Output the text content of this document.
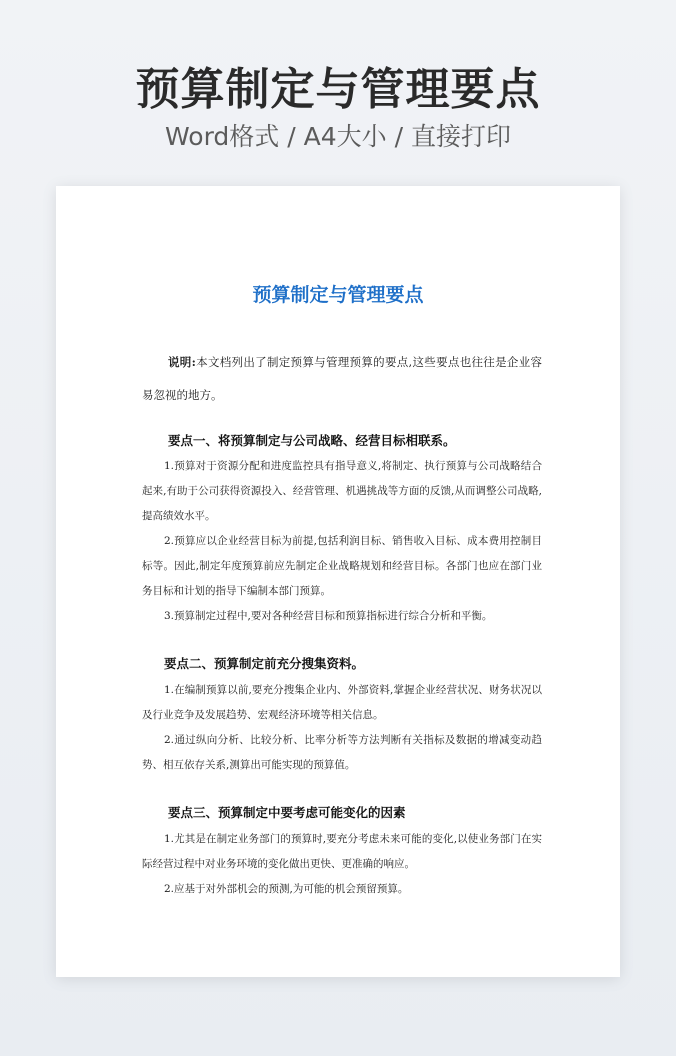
预算制定与管理要点
Word格式 / A4大小 / 直接打印
预算制定与管理要点
说明:本文档列出了制定预算与管理预算的要点,这些要点也往往是企业容易忽视的地方。
要点一、将预算制定与公司战略、经营目标相联系。
1.预算对于资源分配和进度监控具有指导意义,将制定、执行预算与公司战略结合起来,有助于公司获得资源投入、经营管理、机遇挑战等方面的反馈,从而调整公司战略,提高绩效水平。
2.预算应以企业经营目标为前提,包括利润目标、销售收入目标、成本费用控制目标等。因此,制定年度预算前应先制定企业战略规划和经营目标。各部门也应在部门业务目标和计划的指导下编制本部门预算。
3.预算制定过程中,要对各种经营目标和预算指标进行综合分析和平衡。
要点二、预算制定前充分搜集资料。
1.在编制预算以前,要充分搜集企业内、外部资料,掌握企业经营状况、财务状况以及行业竞争及发展趋势、宏观经济环境等相关信息。
2.通过纵向分析、比较分析、比率分析等方法判断有关指标及数据的增减变动趋势、相互依存关系,测算出可能实现的预算值。
要点三、预算制定中要考虑可能变化的因素
1.尤其是在制定业务部门的预算时,要充分考虑未来可能的变化,以使业务部门在实际经营过程中对业务环境的变化做出更快、更准确的响应。
2.应基于对外部机会的预测,为可能的机会预留预算。
